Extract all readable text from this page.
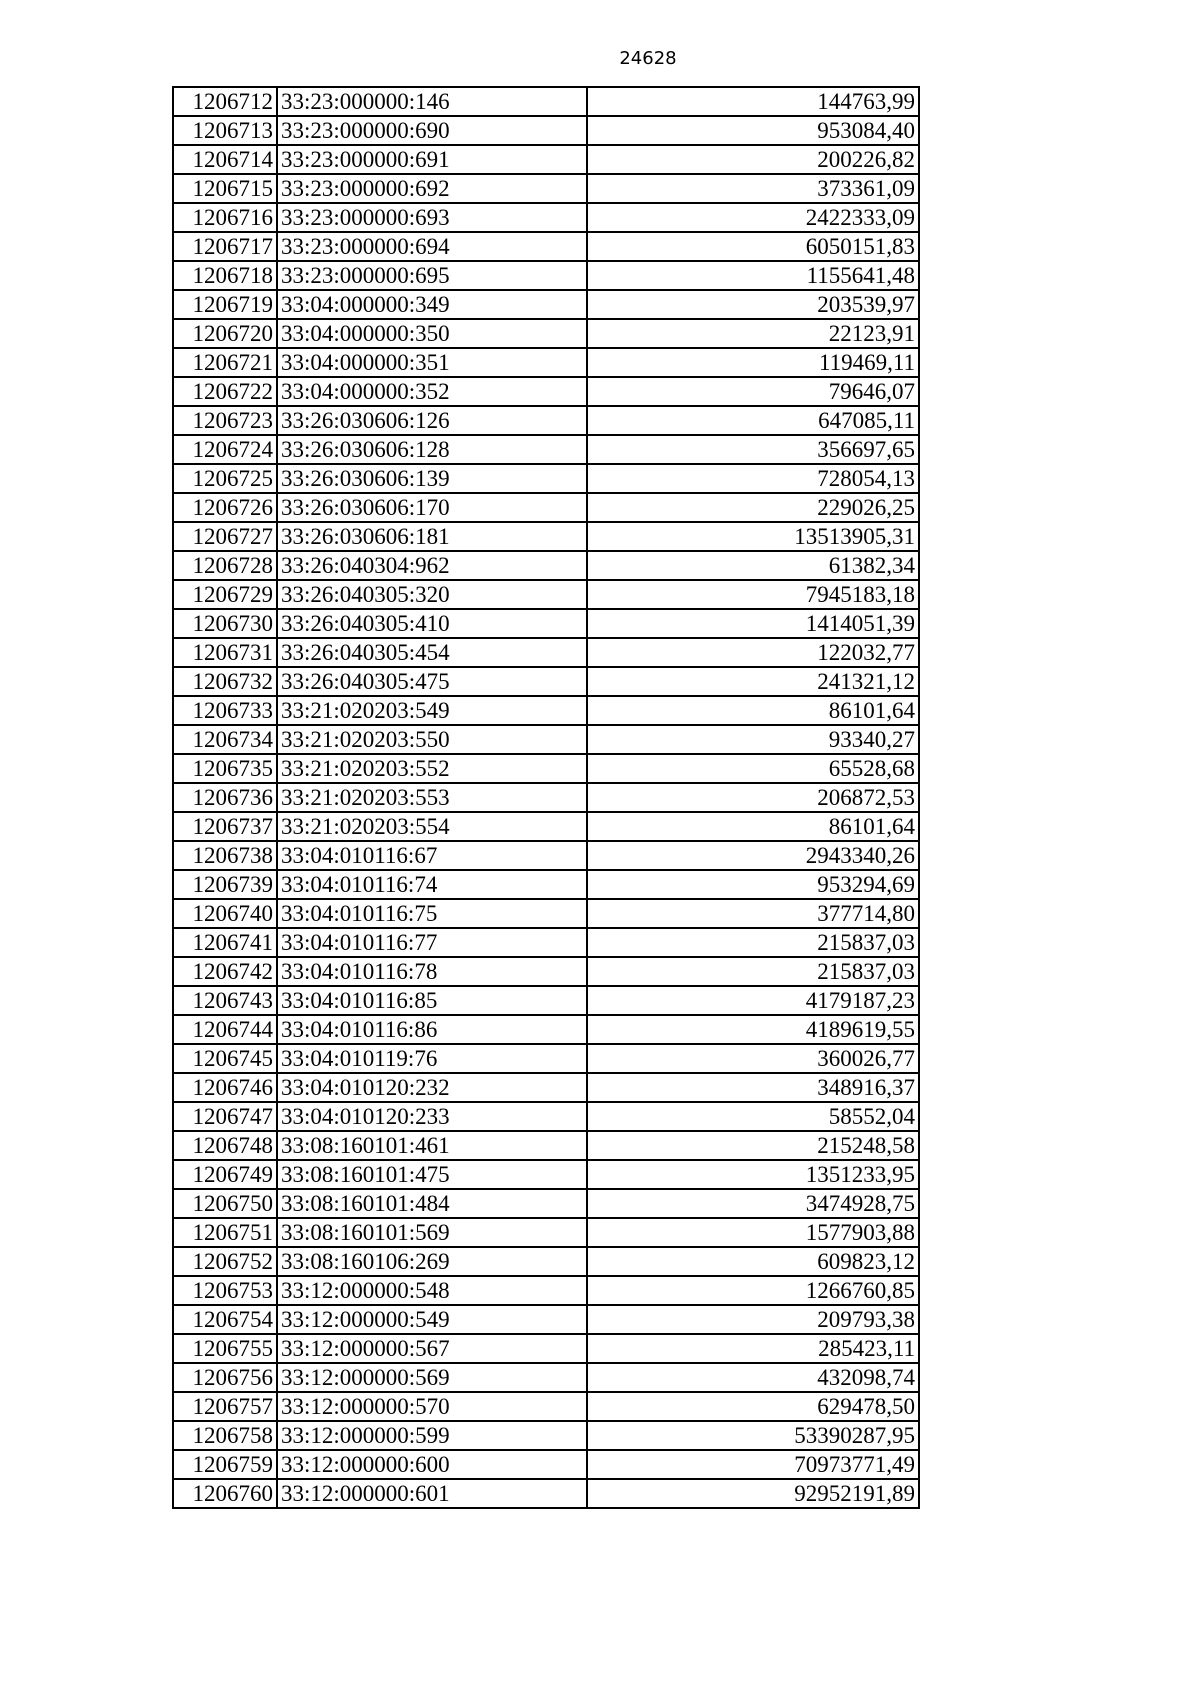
24628
1206712	33:23:000000:146	144763,99
1206713	33:23:000000:690	953084,40
1206714	33:23:000000:691	200226,82
1206715	33:23:000000:692	373361,09
1206716	33:23:000000:693	2422333,09
1206717	33:23:000000:694	6050151,83
1206718	33:23:000000:695	1155641,48
1206719	33:04:000000:349	203539,97
1206720	33:04:000000:350	22123,91
1206721	33:04:000000:351	119469,11
1206722	33:04:000000:352	79646,07
1206723	33:26:030606:126	647085,11
1206724	33:26:030606:128	356697,65
1206725	33:26:030606:139	728054,13
1206726	33:26:030606:170	229026,25
1206727	33:26:030606:181	13513905,31
1206728	33:26:040304:962	61382,34
1206729	33:26:040305:320	7945183,18
1206730	33:26:040305:410	1414051,39
1206731	33:26:040305:454	122032,77
1206732	33:26:040305:475	241321,12
1206733	33:21:020203:549	86101,64
1206734	33:21:020203:550	93340,27
1206735	33:21:020203:552	65528,68
1206736	33:21:020203:553	206872,53
1206737	33:21:020203:554	86101,64
1206738	33:04:010116:67	2943340,26
1206739	33:04:010116:74	953294,69
1206740	33:04:010116:75	377714,80
1206741	33:04:010116:77	215837,03
1206742	33:04:010116:78	215837,03
1206743	33:04:010116:85	4179187,23
1206744	33:04:010116:86	4189619,55
1206745	33:04:010119:76	360026,77
1206746	33:04:010120:232	348916,37
1206747	33:04:010120:233	58552,04
1206748	33:08:160101:461	215248,58
1206749	33:08:160101:475	1351233,95
1206750	33:08:160101:484	3474928,75
1206751	33:08:160101:569	1577903,88
1206752	33:08:160106:269	609823,12
1206753	33:12:000000:548	1266760,85
1206754	33:12:000000:549	209793,38
1206755	33:12:000000:567	285423,11
1206756	33:12:000000:569	432098,74
1206757	33:12:000000:570	629478,50
1206758	33:12:000000:599	53390287,95
1206759	33:12:000000:600	70973771,49
1206760	33:12:000000:601	92952191,89
